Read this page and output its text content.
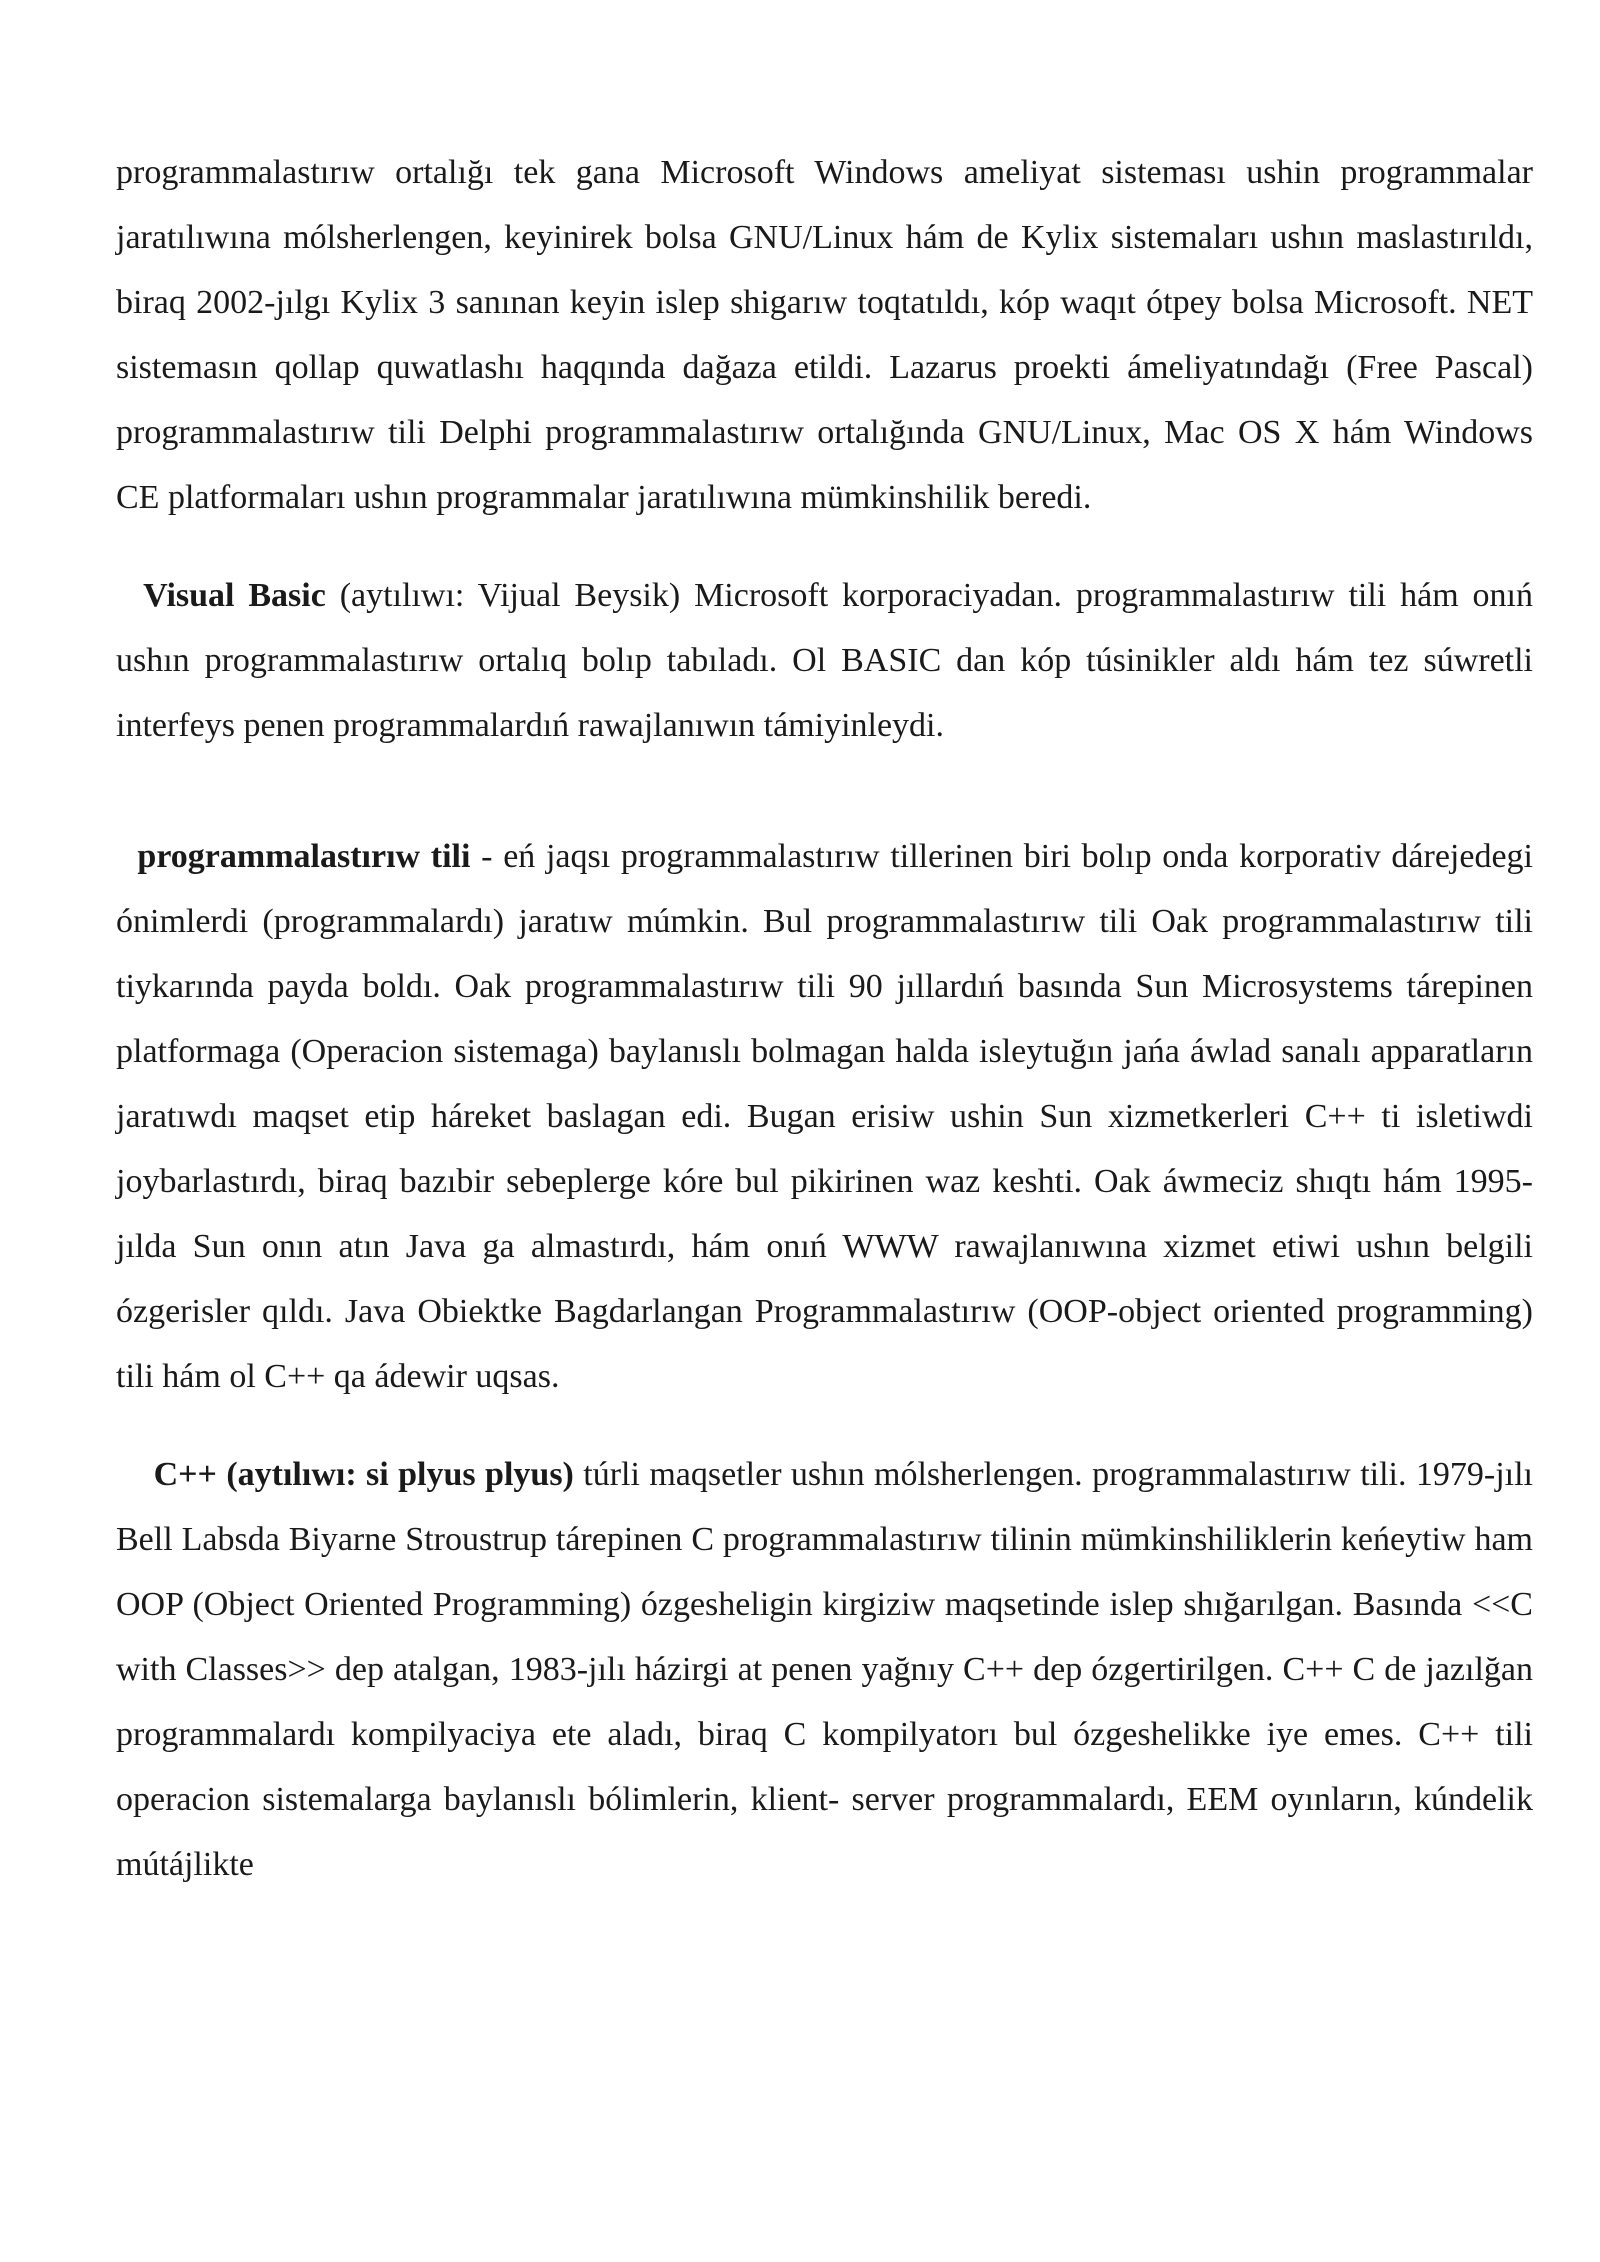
programmalastırıw ortalığı tek gana Microsoft Windows ameliyat sisteması ushin programmalar jaratılıwına mólsherlengen, keyinirek bolsa GNU/Linux hám de Kylix sistemaları ushın maslastırıldı, biraq 2002-jılgı Kylix 3 sanınan keyin islep shigarıw toqtatıldı, kóp waqıt ótpey bolsa Microsoft. NET sistemasın qollap quwatlashı haqqında dağaza etildi. Lazarus proekti ámeliyatındağı (Free Pascal) programmalastırıw tili Delphi programmalastırıw ortalığında GNU/Linux, Mac OS X hám Windows CE platformaları ushın programmalar jaratılıwına mümkinshilik beredi.

Visual Basic (aytılıwı: Vijual Beysik) Microsoft korporaciyadan. programmalastırıw tili hám onıń ushın programmalastırıw ortalıq bolıp tabıladı. Ol BASIC dan kóp túsinikler aldı hám tez súwretli interfeys penen programmalardıń rawajlanıwın támiyinleydi.

programmalastırıw tili - eń jaqsı programmalastırıw tillerinen biri bolıp onda korporativ dárejedegi ónimlerdi (programmalardı) jaratıw múmkin. Bul programmalastırıw tili Oak programmalastırıw tili tiykarında payda boldı. Oak programmalastırıw tili 90 jıllardıń basında Sun Microsystems tárepinen platformaga (Operacion sistemaga) baylanıslı bolmagan halda isleytuğın jańa áwlad sanalı apparatların jaratıwdı maqset etip háreket baslagan edi. Bugan erisiw ushin Sun xizmetkerleri C++ ti isletiwdi joybarlastırdı, biraq bazıbir sebeplerge kóre bul pikirinen waz keshti. Oak áwmeciz shıqtı hám 1995-jılda Sun onın atın Java ga almastırdı, hám onıń WWW rawajlanıwına xizmet etiwi ushın belgili ózgerisler qıldı. Java Obiektke Bagdarlangan Programmalastırıw (OOP-object oriented programming) tili hám ol C++ qa ádewir uqsas.

C++ (aytılıwı: si plyus plyus) túrli maqsetler ushın mólsherlengen. programmalastırıw tili. 1979-jılı Bell Labsda Biyarne Stroustrup tárepinen C programmalastırıw tilinin mümkinshiliklerin keńeytiw ham OOP (Object Oriented Programming) ózgesheligin kirgiziw maqsetinde islep shığarılgan. Basında <<C with Classes>> dep atalgan, 1983-jılı házirgi at penen yağnıy C++ dep ózgertirilgen. C++ C de jazılğan programmalardı kompilyaciya ete aladı, biraq C kompilyatorı bul ózgeshelikke iye emes. C++ tili operacion sistemalarga baylanıslı bólimlerin, klient- server programmalardı, EEM oyınların, kúndelik mútájlikte
